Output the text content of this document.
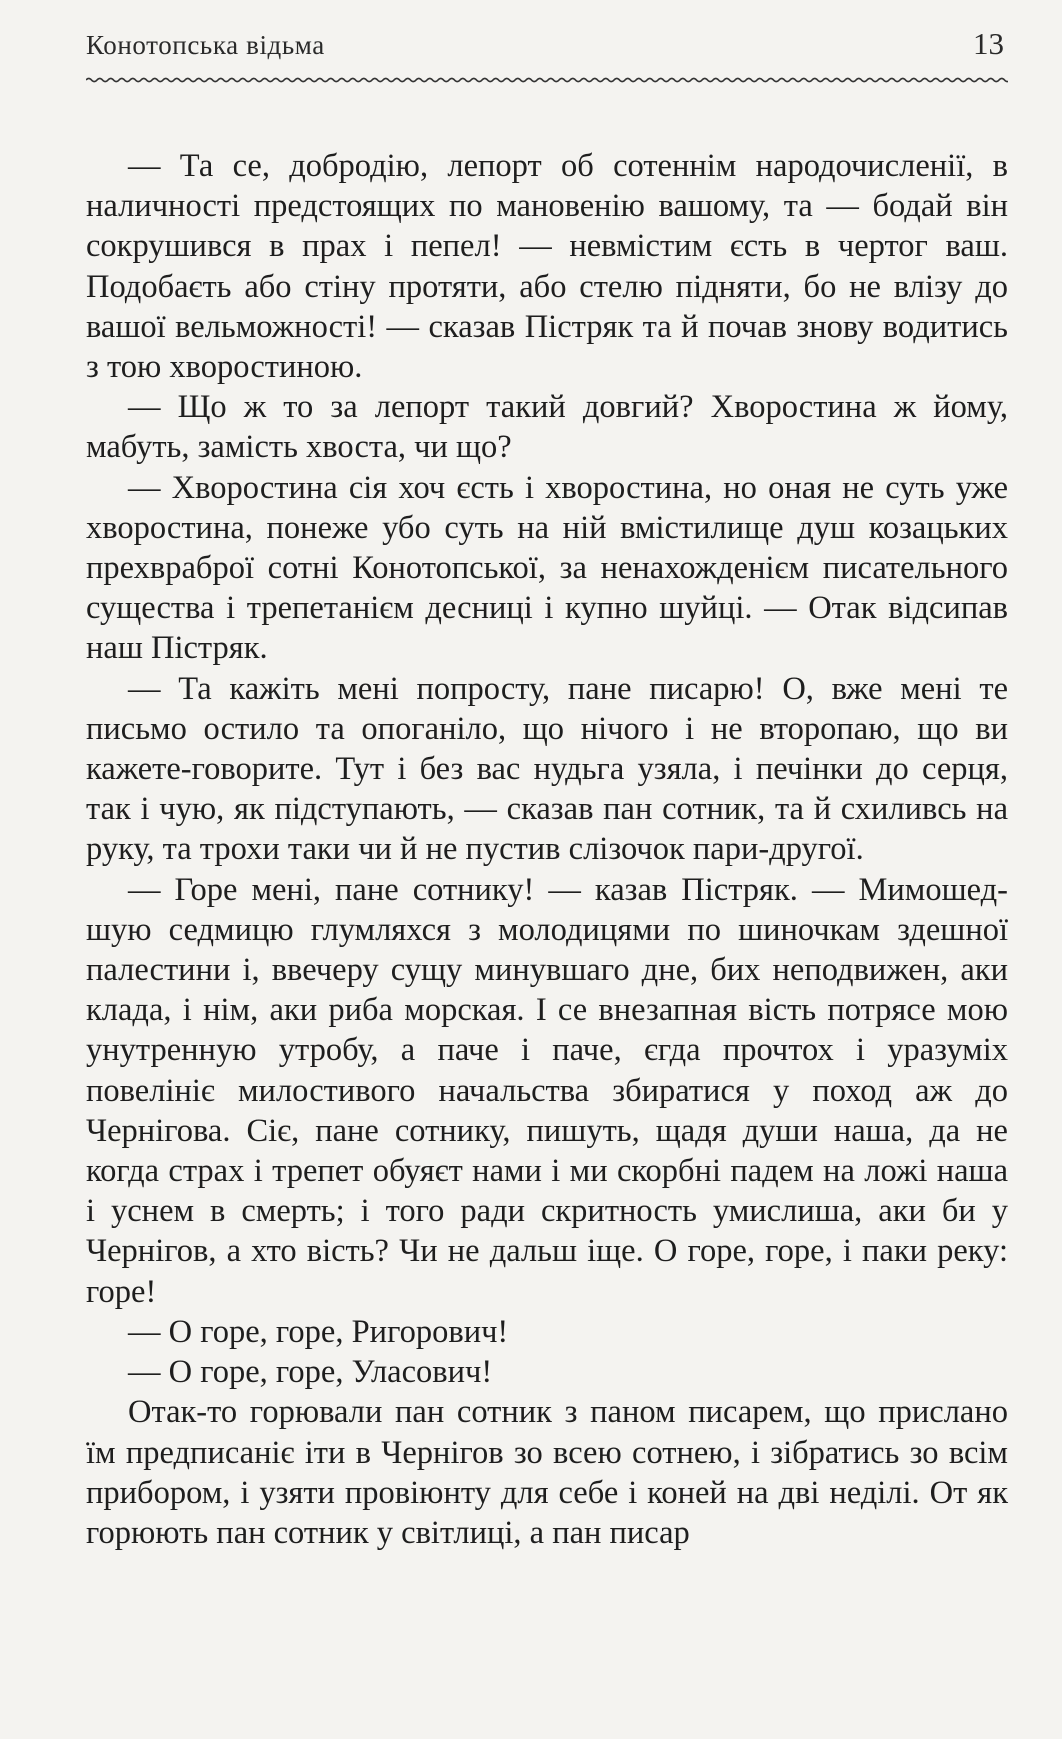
Конотопська відьма	13

— Та се, добродію, лепорт об сотеннім народочисленії, в наличності предстоящих по мановенію вашому, та — бодай він сокрушився в прах і пепел! — невмістим єсть в чертог ваш. Подобаєть або стіну протяти, або стелю підняти, бо не влізу до вашої вельможності! — сказав Пістряк та й почав знову водитись з тою хворостиною.

— Що ж то за лепорт такий довгий? Хворостина ж йому, мабуть, замість хвоста, чи що?

— Хворостина сія хоч єсть і хворостина, но оная не суть уже хворостина, понеже убо суть на ній вмістилище душ козацьких прехвраброї сотні Конотопської, за ненахожденієм писательного существа і трепетанієм десниці і купно шуйці. — Отак відсипав наш Пістряк.

— Та кажіть мені попросту, пане писарю! О, вже мені те письмо остило та опоганіло, що нічого і не второпаю, що ви кажете-говорите. Тут і без вас нудьга узяла, і печінки до серця, так і чую, як підступають, — сказав пан сотник, та й схиливсь на руку, та трохи таки чи й не пустив слізочок пари-другої.

— Горе мені, пане сотнику! — казав Пістряк. — Мимошедшую седмицю глумляхся з молодицями по шиночкам здешної палестини і, ввечеру сущу минувшаго дне, бих неподвижен, аки клада, і нім, аки риба морская. І се внезапная вість потрясе мою унутренную утробу, а паче і паче, єгда прочтох і уразуміх повелініє милостивого начальства збиратися у поход аж до Чернігова. Сіє, пане сотнику, пишуть, щадя души наша, да не когда страх і трепет обуяєт нами і ми скорбні падем на ложі наша і уснем в смерть; і того ради скритность умислиша, аки би у Чернігов, а хто вість? Чи не дальш іще. О горе, горе, і паки реку: горе!

— О горе, горе, Ригорович!

— О горе, горе, Уласович!

Отак-то горювали пан сотник з паном писарем, що прислано їм предписаніє іти в Чернігов зо всею сотнею, і зібратись зо всім прибором, і узяти провіюнту для себе і коней на дві неділі. От як горюють пан сотник у світлиці, а пан писар
